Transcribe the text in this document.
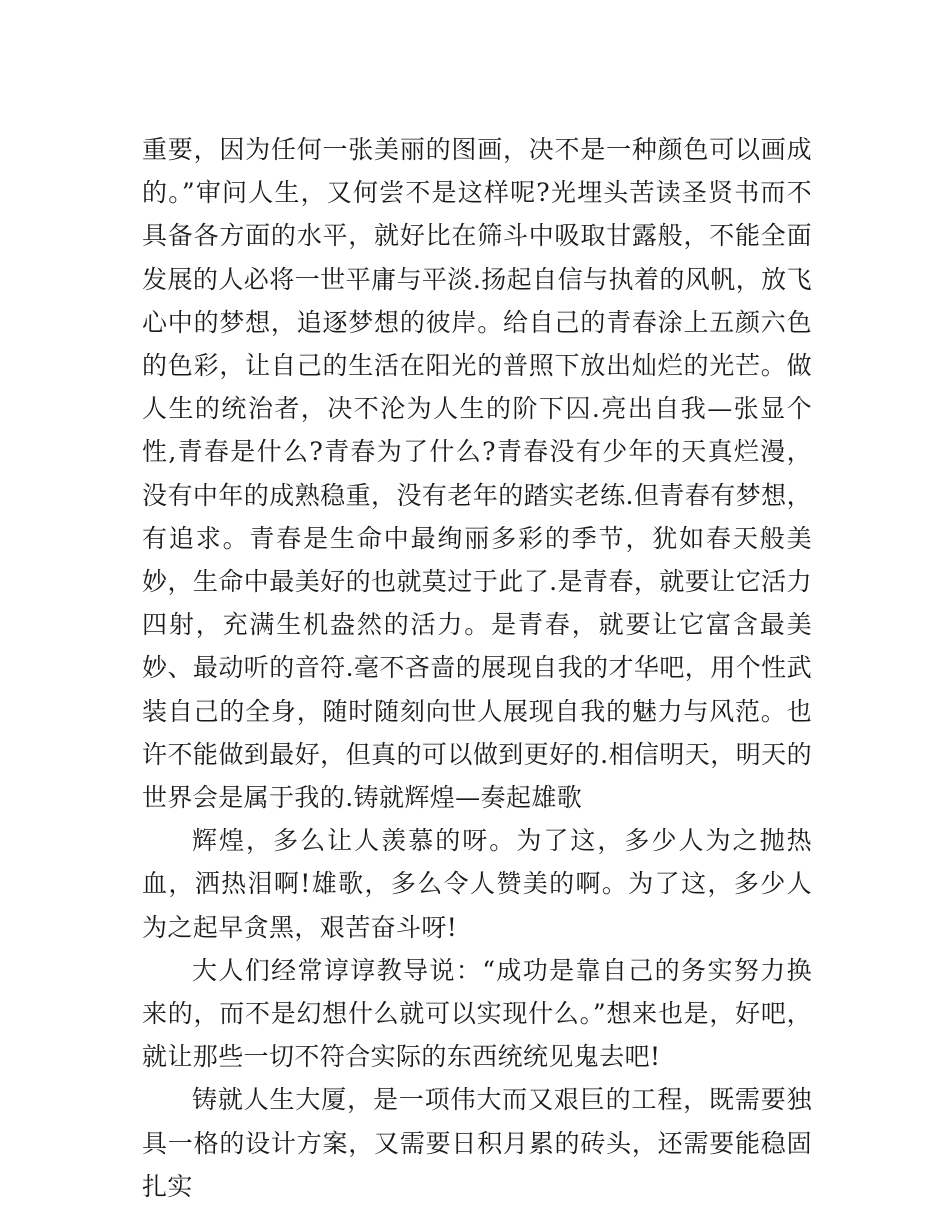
重要，因为任何一张美丽的图画，决不是一种颜色可以画成的。”审问人生，又何尝不是这样呢?光埋头苦读圣贤书而不具备各方面的水平，就好比在筛斗中吸取甘露般，不能全面发展的人必将一世平庸与平淡.扬起自信与执着的风帆，放飞心中的梦想，追逐梦想的彼岸。给自己的青春涂上五颜六色的色彩，让自己的生活在阳光的普照下放出灿烂的光芒。做人生的统治者，决不沦为人生的阶下囚.亮出自我—张显个性,青春是什么?青春为了什么?青春没有少年的天真烂漫，没有中年的成熟稳重，没有老年的踏实老练.但青春有梦想，有追求。青春是生命中最绚丽多彩的季节，犹如春天般美妙，生命中最美好的也就莫过于此了.是青春，就要让它活力四射，充满生机盎然的活力。是青春，就要让它富含最美妙、最动听的音符.毫不吝啬的展现自我的才华吧，用个性武装自己的全身，随时随刻向世人展现自我的魅力与风范。也许不能做到最好，但真的可以做到更好的.相信明天，明天的世界会是属于我的.铸就辉煌—奏起雄歌

辉煌，多么让人羡慕的呀。为了这，多少人为之抛热血，洒热泪啊!雄歌，多么令人赞美的啊。为了这，多少人为之起早贪黑，艰苦奋斗呀!

大人们经常谆谆教导说：“成功是靠自己的务实努力换来的，而不是幻想什么就可以实现什么。”想来也是，好吧，就让那些一切不符合实际的东西统统见鬼去吧!

铸就人生大厦，是一项伟大而又艰巨的工程，既需要独具一格的设计方案，又需要日积月累的砖头，还需要能稳固扎实
